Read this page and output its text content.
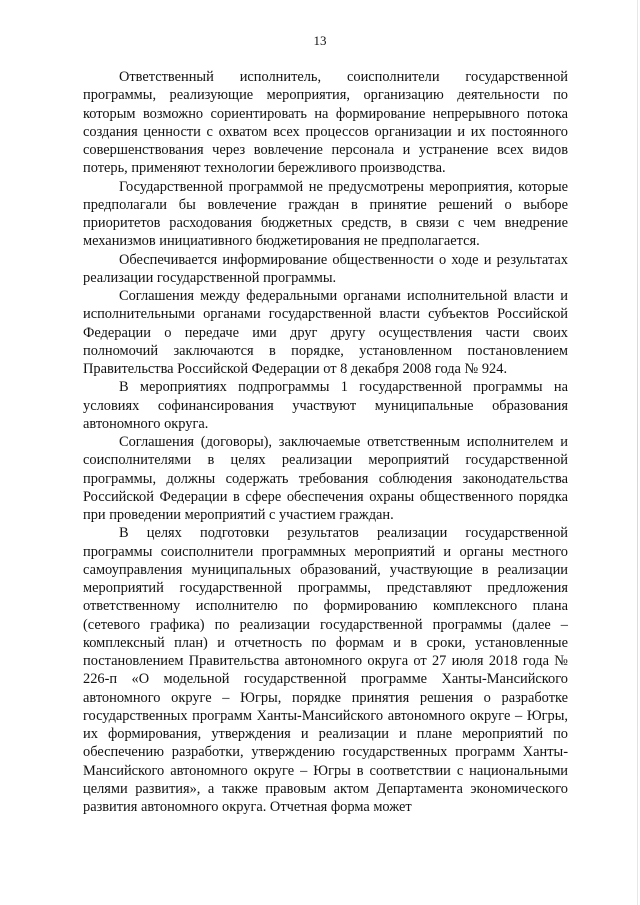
13

Ответственный исполнитель, соисполнители государственной программы, реализующие мероприятия, организацию деятельности по которым возможно сориентировать на формирование непрерывного потока создания ценности с охватом всех процессов организации и их постоянного совершенствования через вовлечение персонала и устранение всех видов потерь, применяют технологии бережливого производства.

Государственной программой не предусмотрены мероприятия, которые предполагали бы вовлечение граждан в принятие решений о выборе приоритетов расходования бюджетных средств, в связи с чем внедрение механизмов инициативного бюджетирования не предполагается.

Обеспечивается информирование общественности о ходе и результатах реализации государственной программы.

Соглашения между федеральными органами исполнительной власти и исполнительными органами государственной власти субъектов Российской Федерации о передаче ими друг другу осуществления части своих полномочий заключаются в порядке, установленном постановлением Правительства Российской Федерации от 8 декабря 2008 года № 924.

В мероприятиях подпрограммы 1 государственной программы на условиях софинансирования участвуют муниципальные образования автономного округа.

Соглашения (договоры), заключаемые ответственным исполнителем и соисполнителями в целях реализации мероприятий государственной программы, должны содержать требования соблюдения законодательства Российской Федерации в сфере обеспечения охраны общественного порядка при проведении мероприятий с участием граждан.

В целях подготовки результатов реализации государственной программы соисполнители программных мероприятий и органы местного самоуправления муниципальных образований, участвующие в реализации мероприятий государственной программы, представляют предложения ответственному исполнителю по формированию комплексного плана (сетевого графика) по реализации государственной программы (далее – комплексный план) и отчетность по формам и в сроки, установленные постановлением Правительства автономного округа от 27 июля 2018 года № 226-п «О модельной государственной программе Ханты-Мансийского автономного округе – Югры, порядке принятия решения о разработке государственных программ Ханты-Мансийского автономного округе – Югры, их формирования, утверждения и реализации и плане мероприятий по обеспечению разработки, утверждению государственных программ Ханты-Мансийского автономного округе – Югры в соответствии с национальными целями развития», а также правовым актом Департамента экономического развития автономного округа. Отчетная форма может
